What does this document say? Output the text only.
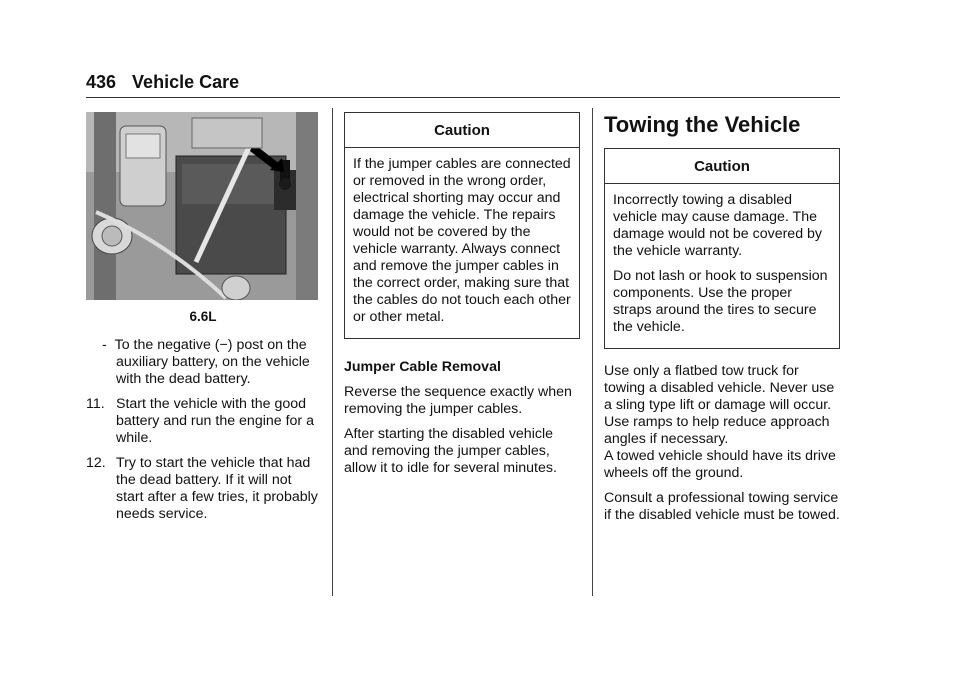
436 Vehicle Care
6.6L
-  To the negative (−) post on the auxiliary battery, on the vehicle with the dead battery.
11. Start the vehicle with the good battery and run the engine for a while.
12. Try to start the vehicle that had the dead battery. If it will not start after a few tries, it probably needs service.
Caution

If the jumper cables are connected or removed in the wrong order, electrical shorting may occur and damage the vehicle. The repairs would not be covered by the vehicle warranty. Always connect and remove the jumper cables in the correct order, making sure that the cables do not touch each other or other metal.

Jumper Cable Removal

Reverse the sequence exactly when removing the jumper cables.

After starting the disabled vehicle and removing the jumper cables, allow it to idle for several minutes.

Towing the Vehicle
Caution

Incorrectly towing a disabled vehicle may cause damage. The damage would not be covered by the vehicle warranty.

Do not lash or hook to suspension components. Use the proper straps around the tires to secure the vehicle.

Use only a flatbed tow truck for towing a disabled vehicle. Never use a sling type lift or damage will occur. Use ramps to help reduce approach angles if necessary.

A towed vehicle should have its drive wheels off the ground.

Consult a professional towing service if the disabled vehicle must be towed.
